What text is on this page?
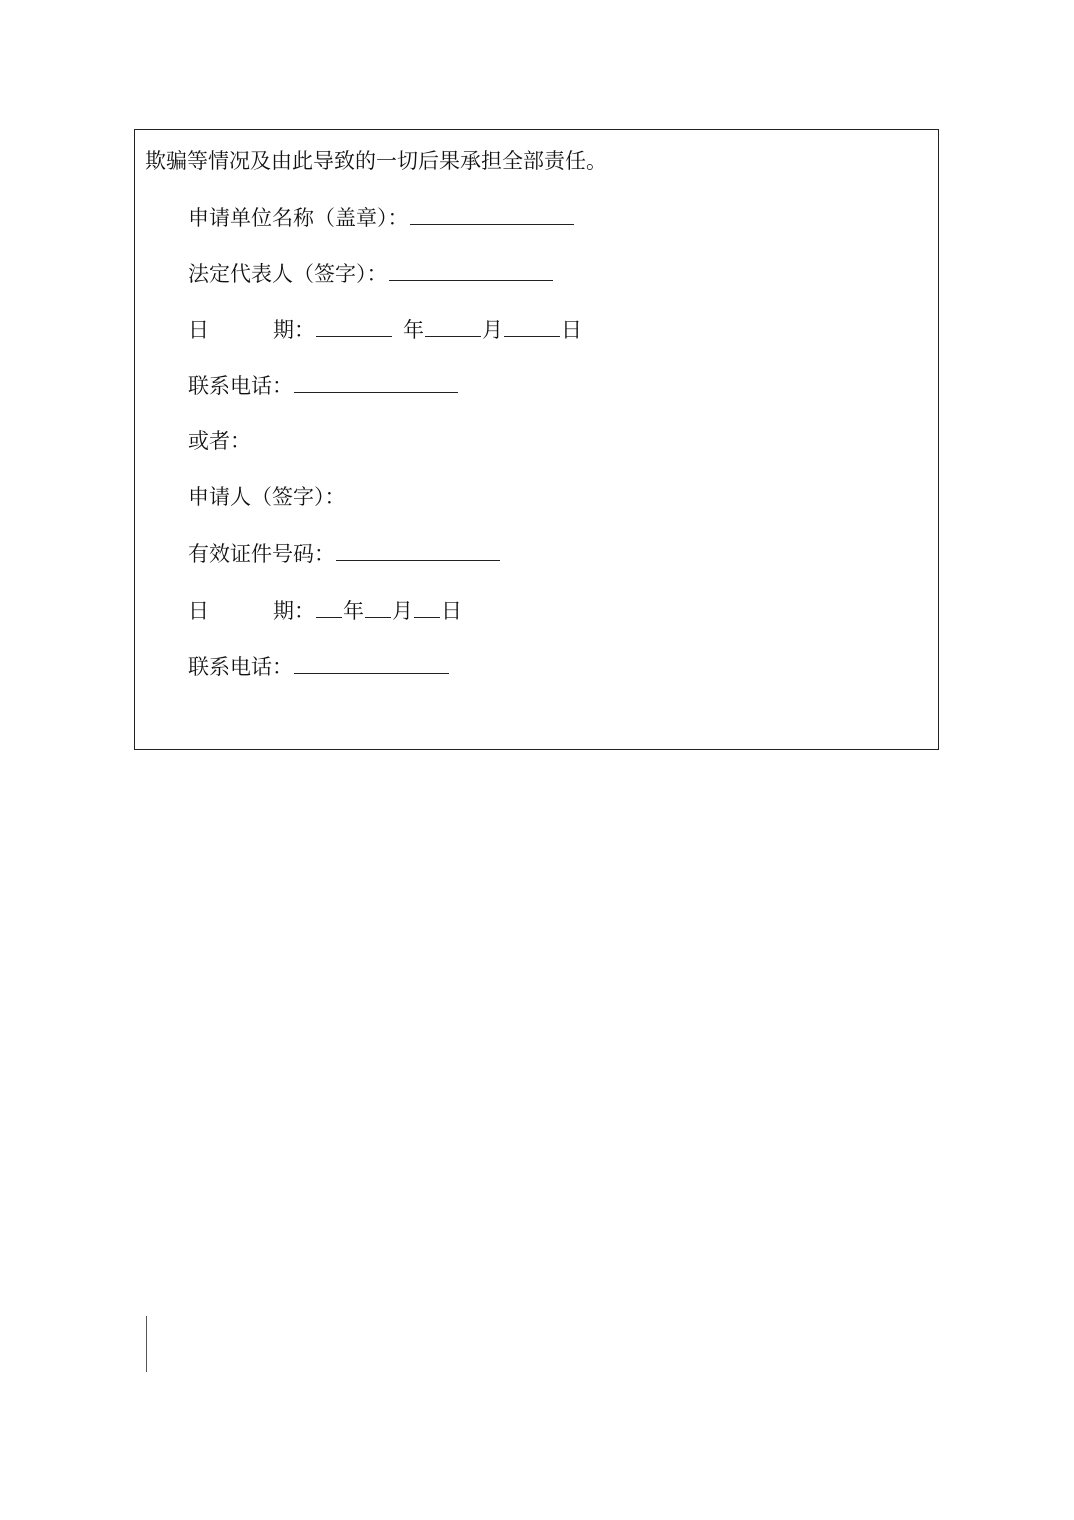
欺骗等情况及由此导致的一切后果承担全部责任。
申请单位名称（盖章）：
法定代表人（签字）：
日	期：	年	月	日
联系电话：
或者：
申请人（签字）：
有效证件号码：
日	期： 年 月 日
联系电话：
